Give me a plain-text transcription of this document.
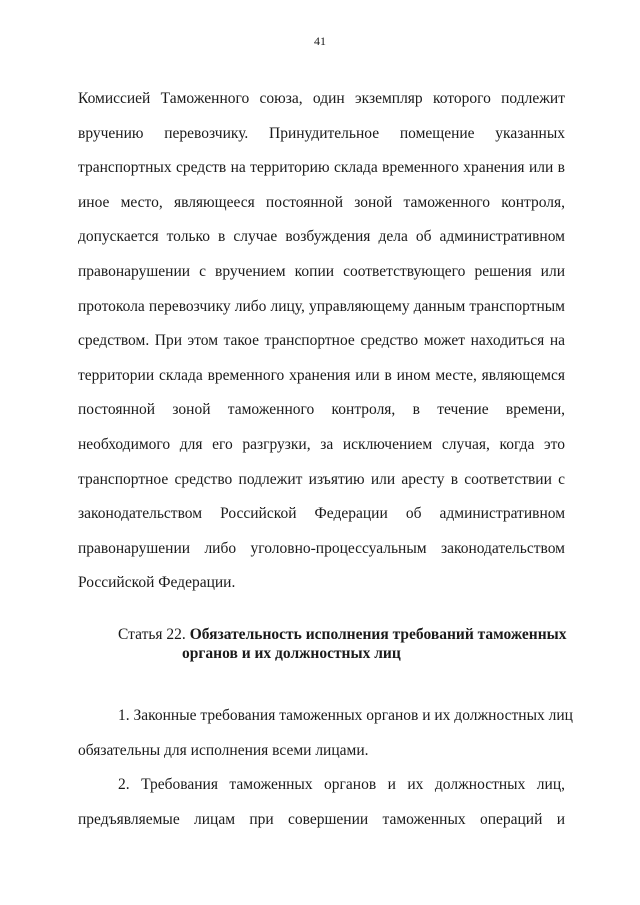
41
Комиссией Таможенного союза, один экземпляр которого подлежит
вручению перевозчику. Принудительное помещение указанных
транспортных средств на территорию склада временного хранения или в
иное место, являющееся постоянной зоной таможенного контроля,
допускается только в случае возбуждения дела об административном
правонарушении с вручением копии соответствующего решения или
протокола перевозчику либо лицу, управляющему данным транспортным
средством. При этом такое транспортное средство может находиться на
территории склада временного хранения или в ином месте, являющемся
постоянной зоной таможенного контроля, в течение времени,
необходимого для его разгрузки, за исключением случая, когда это
транспортное средство подлежит изъятию или аресту в соответствии с
законодательством Российской Федерации об административном
правонарушении либо уголовно-процессуальным законодательством
Российской Федерации.
Статья 22. Обязательность исполнения требований таможенных
органов и их должностных лиц
1. Законные требования таможенных органов и их должностных лиц
обязательны для исполнения всеми лицами.
2. Требования таможенных органов и их должностных лиц,
предъявляемые лицам при совершении таможенных операций и
